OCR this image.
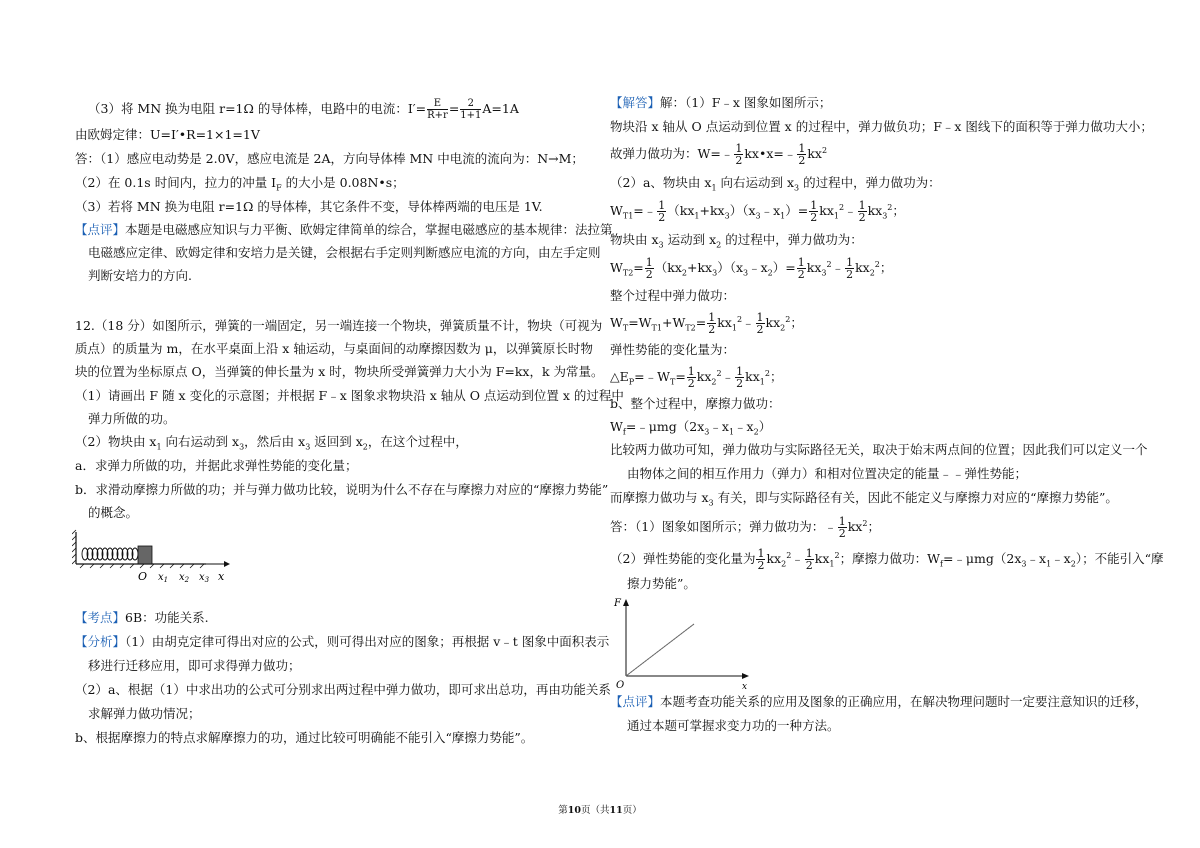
（3）将 MN 换为电阻 r=1Ω 的导体棒，电路中的电流：$I'= \frac{E}{R+r} = \frac{2}{1+1} A=1A$
由欧姆定律：U=I′•R=1×1=1V
答：（1）感应电动势是 2.0V，感应电流是 2A，方向导体棒 MN 中电流的流向为：N→M；
（2）在 0.1s 时间内，拉力的冲量 $I_F$ 的大小是 0.08N•s；
（3）若将 MN 换为电阻 r=1Ω 的导体棒，其它条件不变，导体棒两端的电压是 1V.
【点评】本题是电磁感应知识与力平衡、欧姆定律简单的综合，掌握电磁感应的基本规律：法拉第
电磁感应定律、欧姆定律和安培力是关键，会根据右手定则判断感应电流的方向，由左手定则
判断安培力的方向.
12.（18 分）如图所示，弹簧的一端固定，另一端连接一个物块，弹簧质量不计，物块（可视为
质点）的质量为 m，在水平桌面上沿 x 轴运动，与桌面间的动摩擦因数为 μ，以弹簧原长时物
块的位置为坐标原点 O，当弹簧的伸长量为 x 时，物块所受弹簧弹力大小为 F=kx，k 为常量。
（1）请画出 F 随 x 变化的示意图；并根据 F﹣x 图象求物块沿 x 轴从 O 点运动到位置 x 的过程中
弹力所做的功。
（2）物块由 $x_1$ 向右运动到 $x_3$，然后由 $x_3$ 返回到 $x_2$，在这个过程中，
a．求弹力所做的功，并据此求弹性势能的变化量；
b．求滑动摩擦力所做的功；并与弹力做功比较，说明为什么不存在与摩擦力对应的“摩擦力势能”
的概念。
O $x_1$ $x_2$ $x_3$ x
【考点】6B：功能关系.
【分析】（1）由胡克定律可得出对应的公式，则可得出对应的图象；再根据 v﹣t 图象中面积表示
移进行迁移应用，即可求得弹力做功；
（2）a、根据（1）中求出功的公式可分别求出两过程中弹力做功，即可求出总功，再由功能关系
求解弹力做功情况；
b、根据摩擦力的特点求解摩擦力的功，通过比较可明确能不能引入“摩擦力势能”。
【解答】解：（1）F﹣x 图象如图所示；
物块沿 x 轴从 O 点运动到位置 x 的过程中，弹力做负功；F﹣x 图线下的面积等于弹力做功大小；
故弹力做功为：W=﹣ $\frac{1}{2}$ kx•x=﹣ $\frac{1}{2} kx^2$
（2）a、物块由 $x_1$ 向右运动到 $x_3$ 的过程中，弹力做功为：
$W_{T1}=﹣ \frac{1}{2}$ $(kx_1+kx_3)(x_3﹣x_1)= \frac{1}{2}$ $kx_1^2﹣ \frac{1}{2} kx_3^2$；
物块由 $x_3$ 运动到 $x_2$ 的过程中，弹力做功为：
$W_{T2}= \frac{1}{2}$ $(kx_2+kx_3)(x_3﹣x_2)= \frac{1}{2}$ $kx_3^2﹣ \frac{1}{2} kx_2^2$；
整个过程中弹力做功：
$W_T=W_{T1}+W_{T2}= \frac{1}{2}$ $kx_1^2﹣ \frac{1}{2} kx_2^2$；
弹性势能的变化量为：
$\triangle E_P=﹣W_T= \frac{1}{2}$ $kx_2^2﹣ \frac{1}{2} kx_1^2$；
b、整个过程中，摩擦力做功：
$W_f=﹣\mu mg(2x_3﹣x_1﹣x_2)$
比较两力做功可知，弹力做功与实际路径无关，取决于始末两点间的位置；因此我们可以定义一个
由物体之间的相互作用力（弹力）和相对位置决定的能量﹣﹣弹性势能；
而摩擦力做功与 $x_3$ 有关，即与实际路径有关，因此不能定义与摩擦力对应的“摩擦力势能”。
答：（1）图象如图所示；弹力做功为：﹣ $\frac{1}{2} kx^2$；
（2）弹性势能的变化量为 $\frac{1}{2}$ $kx_2^2﹣ \frac{1}{2} kx_1^2$；摩擦力做功：$W_f=﹣\mu mg(2x_3﹣x_1﹣x_2)$；不能引入“摩
擦力势能”。
F
x
O
【点评】本题考查功能关系的应用及图象的正确应用，在解决物理问题时一定要注意知识的迁移，
通过本题可掌握求变力功的一种方法。
第10页（共11页）
